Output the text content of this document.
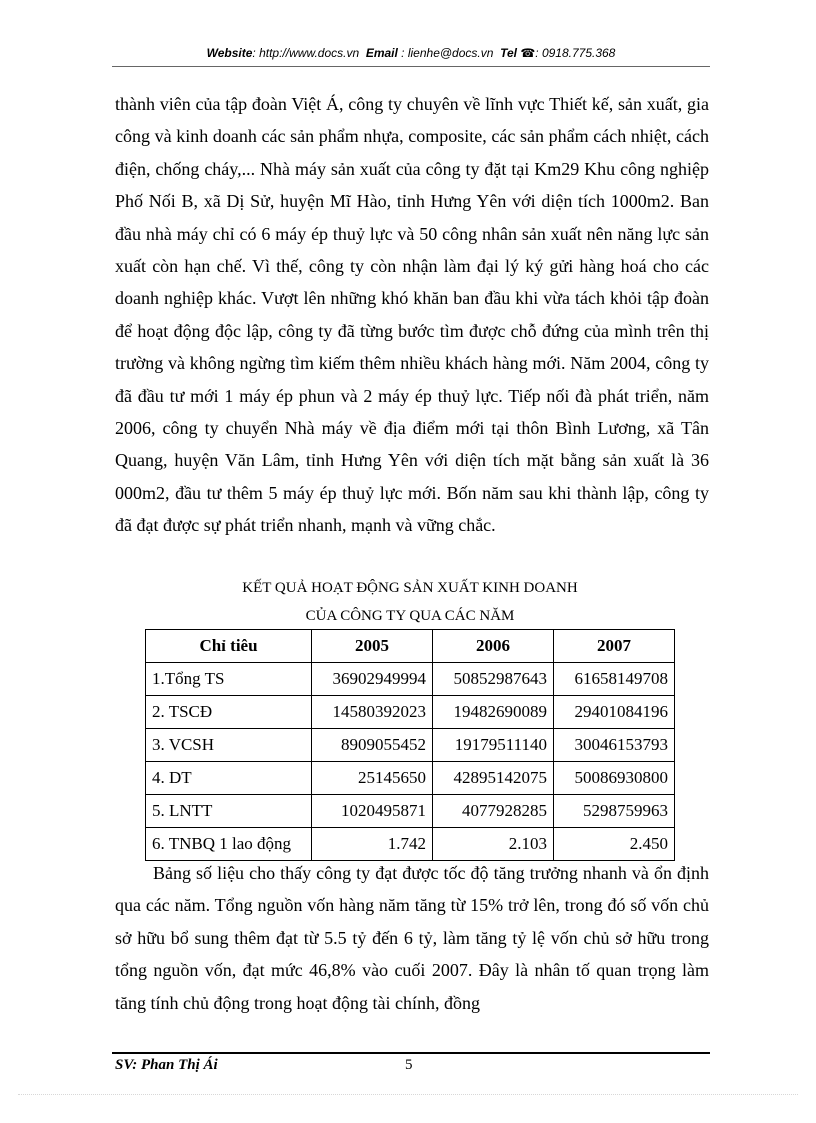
Website: http://www.docs.vn Email : lienhe@docs.vn Tel ☎: 0918.775.368
thành viên của tập đoàn Việt Á, công ty chuyên về lĩnh vực Thiết kế, sản xuất, gia công và kinh doanh các sản phẩm nhựa, composite, các sản phẩm cách nhiệt, cách điện, chống cháy,... Nhà máy sản xuất của công ty đặt tại Km29 Khu công nghiệp Phố Nối B, xã Dị Sử, huyện Mĩ Hào, tỉnh Hưng Yên với diện tích 1000m2. Ban đầu nhà máy chỉ có 6 máy ép thuỷ lực và 50 công nhân sản xuất nên năng lực sản xuất còn hạn chế. Vì thế, công ty còn nhận làm đại lý ký gửi hàng hoá cho các doanh nghiệp khác. Vượt lên những khó khăn ban đầu khi vừa tách khỏi tập đoàn để hoạt động độc lập, công ty đã từng bước tìm được chỗ đứng của mình trên thị trường và không ngừng tìm kiếm thêm nhiều khách hàng mới. Năm 2004, công ty đã đầu tư mới 1 máy ép phun và 2 máy ép thuỷ lực. Tiếp nối đà phát triển, năm 2006, công ty chuyển Nhà máy về địa điểm mới tại thôn Bình Lương, xã Tân Quang, huyện Văn Lâm, tỉnh Hưng Yên với diện tích mặt bằng sản xuất là 36 000m2, đầu tư thêm 5 máy ép thuỷ lực mới. Bốn năm sau khi thành lập, công ty đã đạt được sự phát triển nhanh, mạnh và vững chắc.
KẾT QUẢ HOẠT ĐỘNG SẢN XUẤT KINH DOANH
CỦA CÔNG TY QUA CÁC NĂM
Chỉ tiêu	2005	2006	2007
1.Tổng TS	36902949994	50852987643	61658149708
2. TSCĐ	14580392023	19482690089	29401084196
3. VCSH	8909055452	19179511140	30046153793
4. DT	25145650	42895142075	50086930800
5. LNTT	1020495871	4077928285	5298759963
6. TNBQ 1 lao động	1.742	2.103	2.450
Bảng số liệu cho thấy công ty đạt được tốc độ tăng trưởng nhanh và ổn định qua các năm. Tổng nguồn vốn hàng năm tăng từ 15% trở lên, trong đó số vốn chủ sở hữu bổ sung thêm đạt từ 5.5 tỷ đến 6 tỷ, làm tăng tỷ lệ vốn chủ sở hữu trong tổng nguồn vốn, đạt mức 46,8% vào cuối 2007. Đây là nhân tố quan trọng làm tăng tính chủ động trong hoạt động tài chính, đồng
SV: Phan Thị Ái	5
